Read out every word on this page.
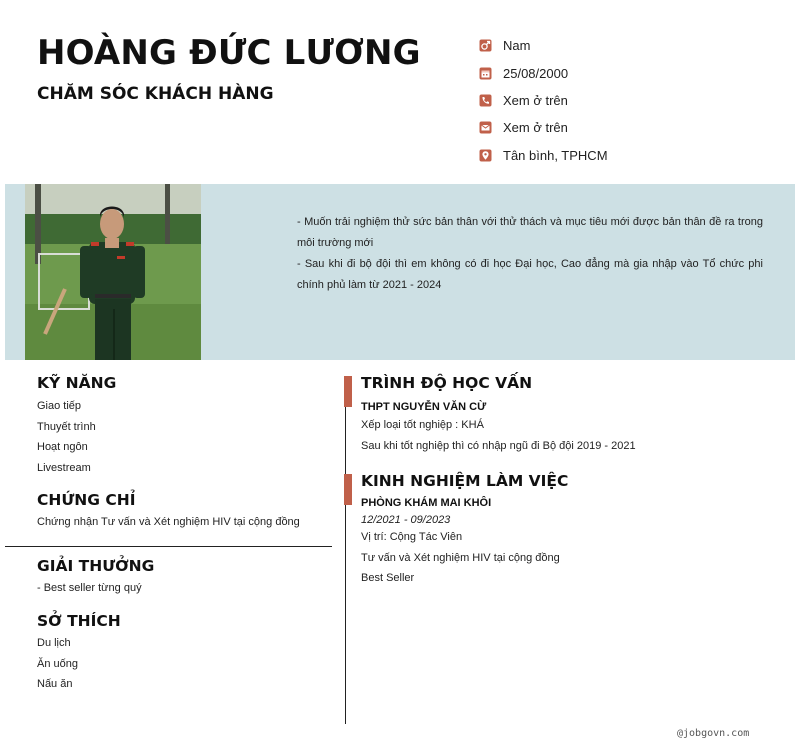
HOÀNG ĐỨC LƯƠNG
CHĂM SÓC KHÁCH HÀNG
Nam
25/08/2000
Xem ở trên
Xem ở trên
Tân bình, TPHCM
- Muốn trải nghiệm thử sức bản thân với thử thách và mục tiêu mới được bản thân đề ra trong môi trường mới
- Sau khi đi bộ đội thì em không có đi học Đại học, Cao đẳng mà gia nhập vào Tổ chức phi chính phủ làm từ 2021 - 2024
KỸ NĂNG
Giao tiếp
Thuyết trình
Hoạt ngôn
Livestream
CHỨNG CHỈ
Chứng nhận Tư vấn và Xét nghiệm HIV tại cộng đồng
GIẢI THƯỞNG
- Best seller từng quý
SỞ THÍCH
Du lịch
Ăn uống
Nấu ăn
TRÌNH ĐỘ HỌC VẤN
THPT NGUYỄN VĂN CỪ
Xếp loại tốt nghiệp : KHÁ
Sau khi tốt nghiệp thì có nhập ngũ đi Bộ đội 2019 - 2021
KINH NGHIỆM LÀM VIỆC
PHÒNG KHÁM MAI KHÔI
12/2021 - 09/2023
Vị trí: Cộng Tác Viên
Tư vấn và Xét nghiệm HIV tại cộng đồng
Best Seller
@jobgovn.com
